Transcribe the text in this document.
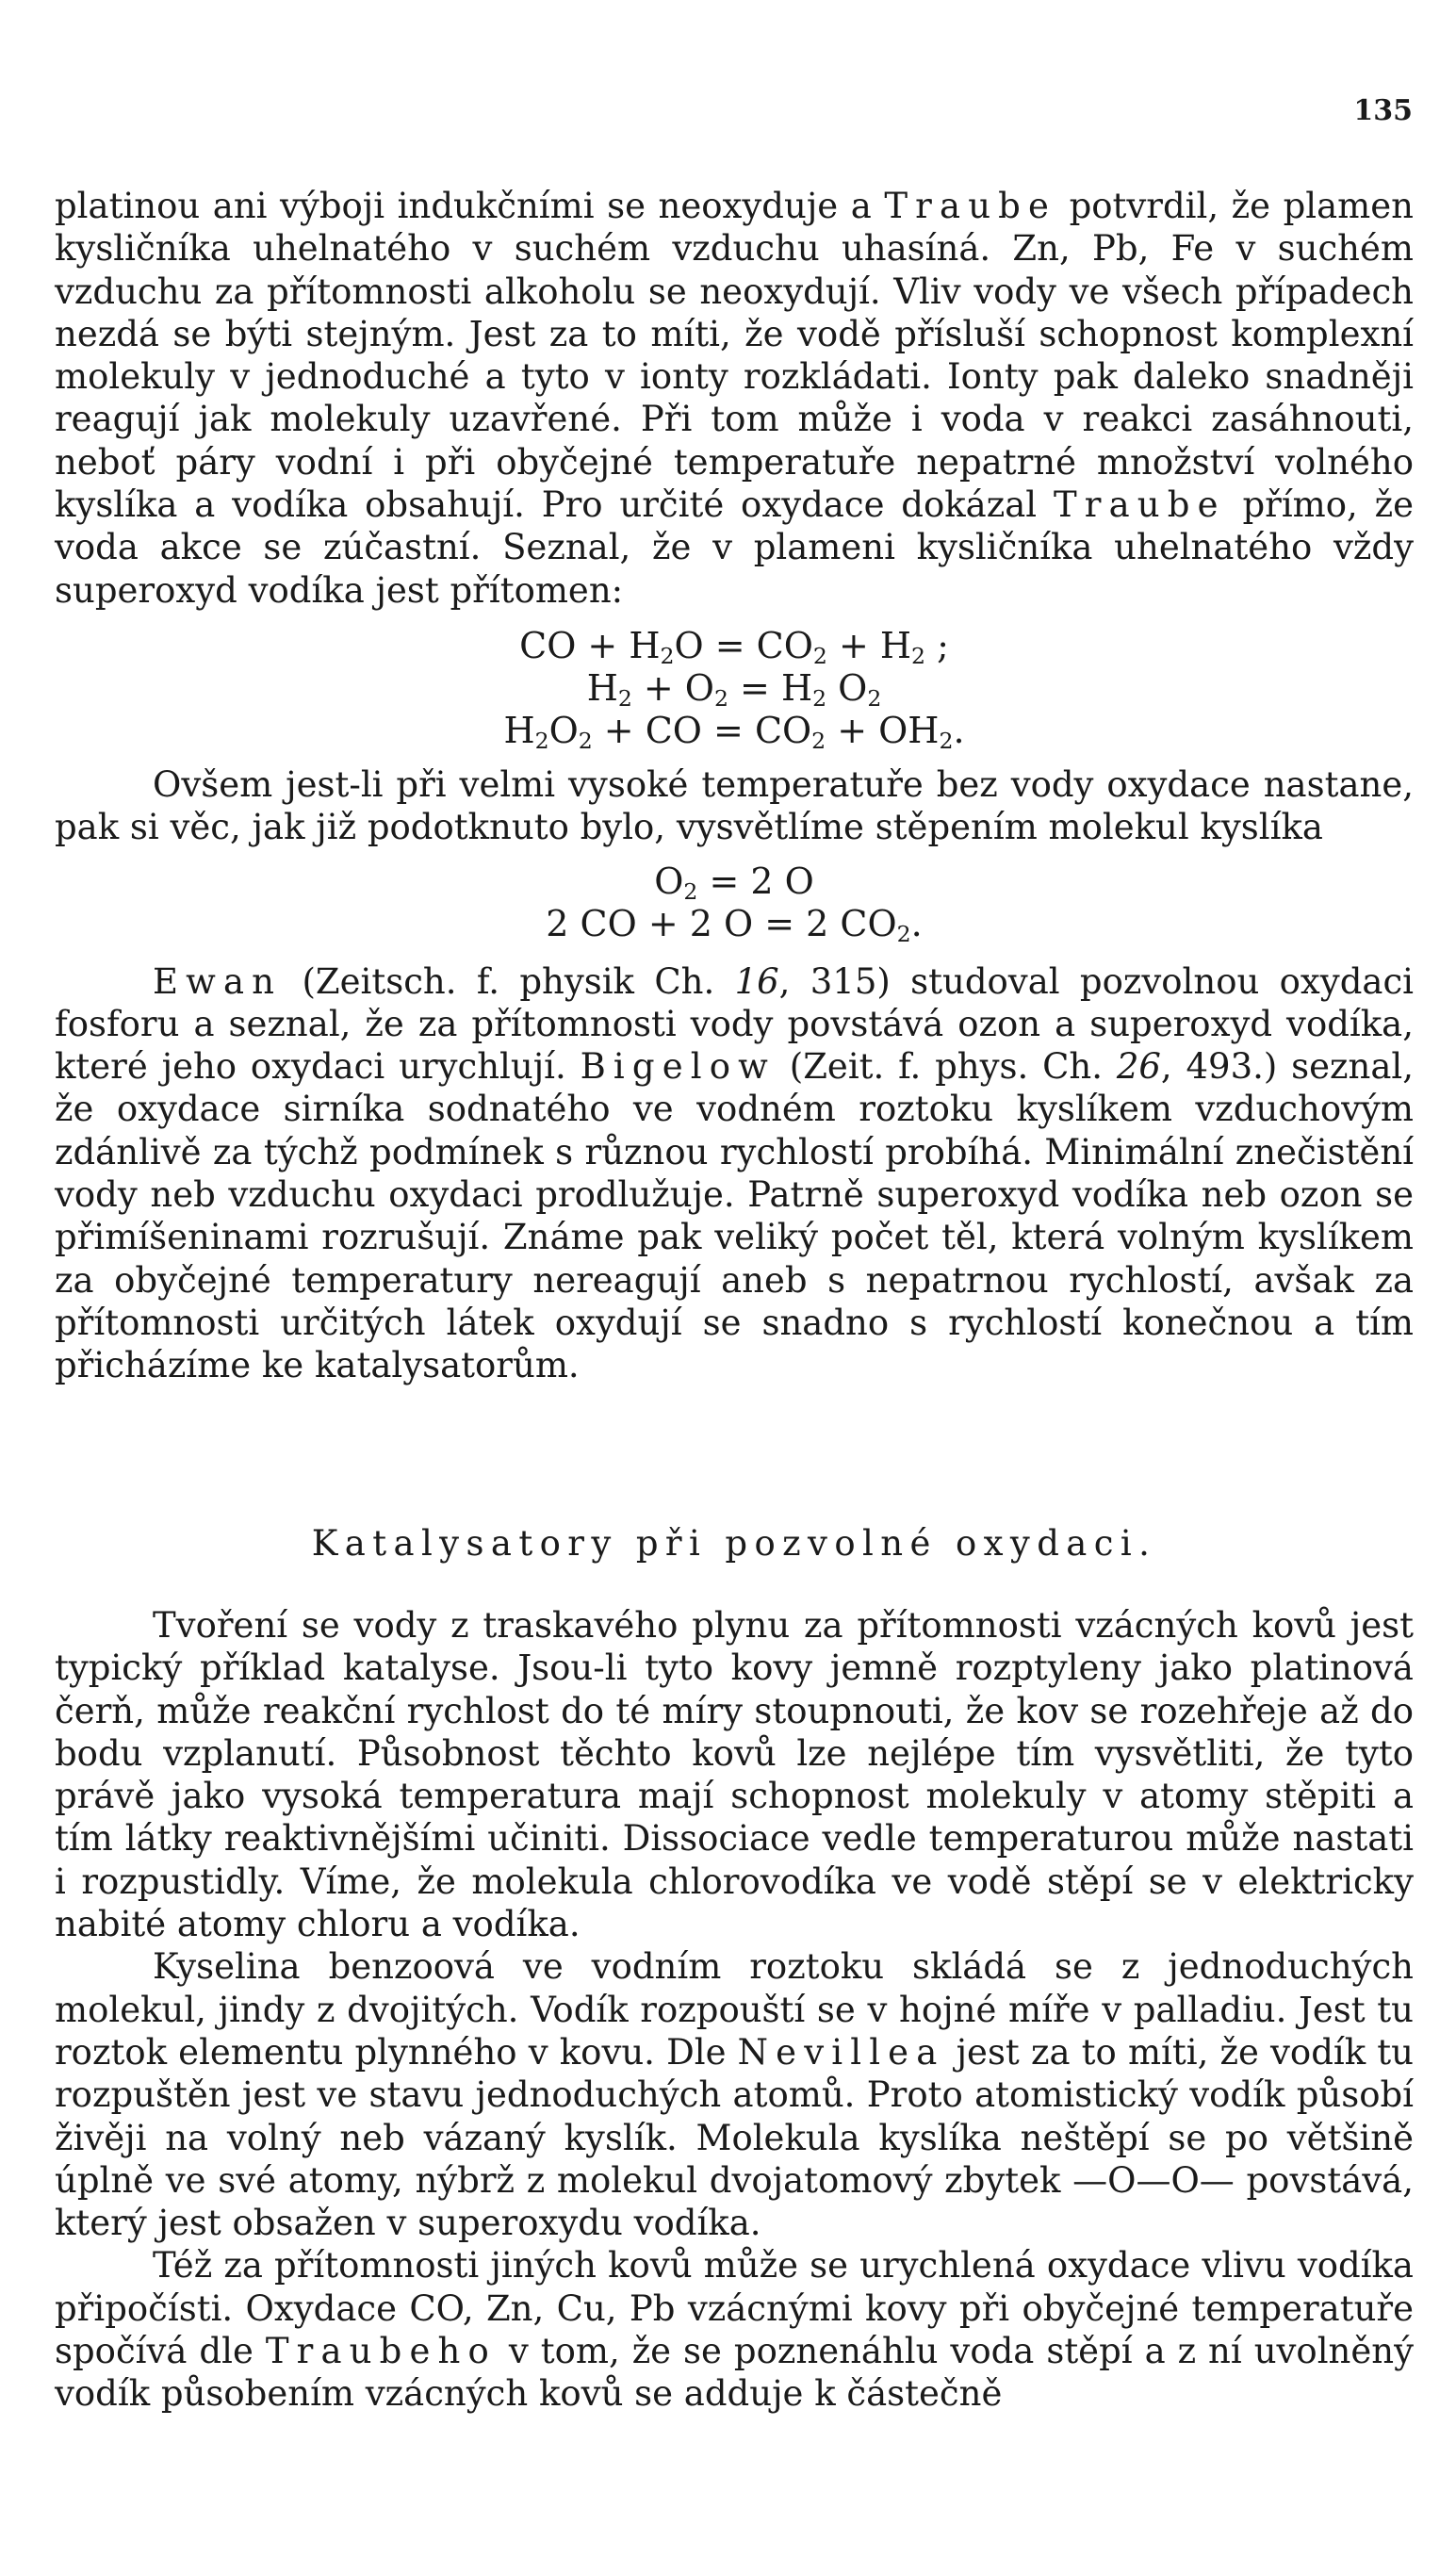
135

platinou ani výboji indukčními se neoxyduje a Traube potvrdil, že plamen kysličníka uhelnatého v suchém vzduchu uhasíná. Zn, Pb, Fe v suchém vzduchu za přítomnosti alkoholu se neoxydují. Vliv vody ve všech případech nezdá se býti stejným. Jest za to míti, že vodě přísluší schopnost komplexní molekuly v jednoduché a tyto v ionty rozkládati. Ionty pak daleko snadněji reagují jak molekuly uzavřené. Při tom může i voda v reakci zasáhnouti, neboť páry vodní i při obyčejné temperatuře nepatrné množství volného kyslíka a vodíka obsahují. Pro určité oxydace dokázal Traube přímo, že voda akce se zúčastní. Seznal, že v plameni kysličníka uhelnatého vždy superoxyd vodíka jest přítomen:

CO + $H_2O = CO_2 + H_2$ ;

$H_2 + O_2 = H_2$ $O_2$

$H_2O_2$ + CO = $CO_2 + OH_2$.

Ovšem jest-li při velmi vysoké temperatuře bez vody oxydace nastane, pak si věc, jak již podotknuto bylo, vysvětlíme stěpením molekul kyslíka

$O_2 = 2$ O

2 CO + 2 O = 2 $CO_2$.

Ewan (Zeitsch. f. physik Ch. 16, 315) studoval pozvolnou oxydaci fosforu a seznal, že za přítomnosti vody povstává ozon a superoxyd vodíka, které jeho oxydaci urychlují. Bigelow (Zeit. f. phys. Ch. 26, 493.) seznal, že oxydace sirníka sodnatého ve vodném roztoku kyslíkem vzduchovým zdánlivě za týchž podmínek s různou rychlostí probíhá. Minimální znečistění vody neb vzduchu oxydaci prodlužuje. Patrně superoxyd vodíka neb ozon se přimíšeninami rozrušují. Známe pak veliký počet těl, která volným kyslíkem za obyčejné temperatury nereagují aneb s nepatrnou rychlostí, avšak za přítomnosti určitých látek oxydují se snadno s rychlostí konečnou a tím přicházíme ke katalysatorům.

Katalysatory při pozvolné oxydaci.

Tvoření se vody z traskavého plynu za přítomnosti vzácných kovů jest typický příklad katalyse. Jsou-li tyto kovy jemně rozptyleny jako platinová čerň, může reakční rychlost do té míry stoupnouti, že kov se rozehřeje až do bodu vzplanutí. Působnost těchto kovů lze nejlépe tím vysvětliti, že tyto právě jako vysoká temperatura mají schopnost molekuly v atomy stěpiti a tím látky reaktivnějšími učiniti. Dissociace vedle temperaturou může nastati i rozpustidly. Víme, že molekula chlorovodíka ve vodě stěpí se v elektricky nabité atomy chloru a vodíka.

Kyselina benzoová ve vodním roztoku skládá se z jednoduchých molekul, jindy z dvojitých. Vodík rozpouští se v hojné míře v palladiu. Jest tu roztok elementu plynného v kovu. Dle Nevillea jest za to míti, že vodík tu rozpuštěn jest ve stavu jednoduchých atomů. Proto atomistický vodík působí živěji na volný neb vázaný kyslík. Molekula kyslíka neštěpí se po většině úplně ve své atomy, nýbrž z molekul dvojatomový zbytek —O—O— povstává, který jest obsažen v superoxydu vodíka.

Též za přítomnosti jiných kovů může se urychlená oxydace vlivu vodíka připočísti. Oxydace CO, Zn, Cu, Pb vzácnými kovy při obyčejné temperatuře spočívá dle Traubeho v tom, že se poznenáhlu voda stěpí a z ní uvolněný vodík působením vzácných kovů se adduje k částečně
